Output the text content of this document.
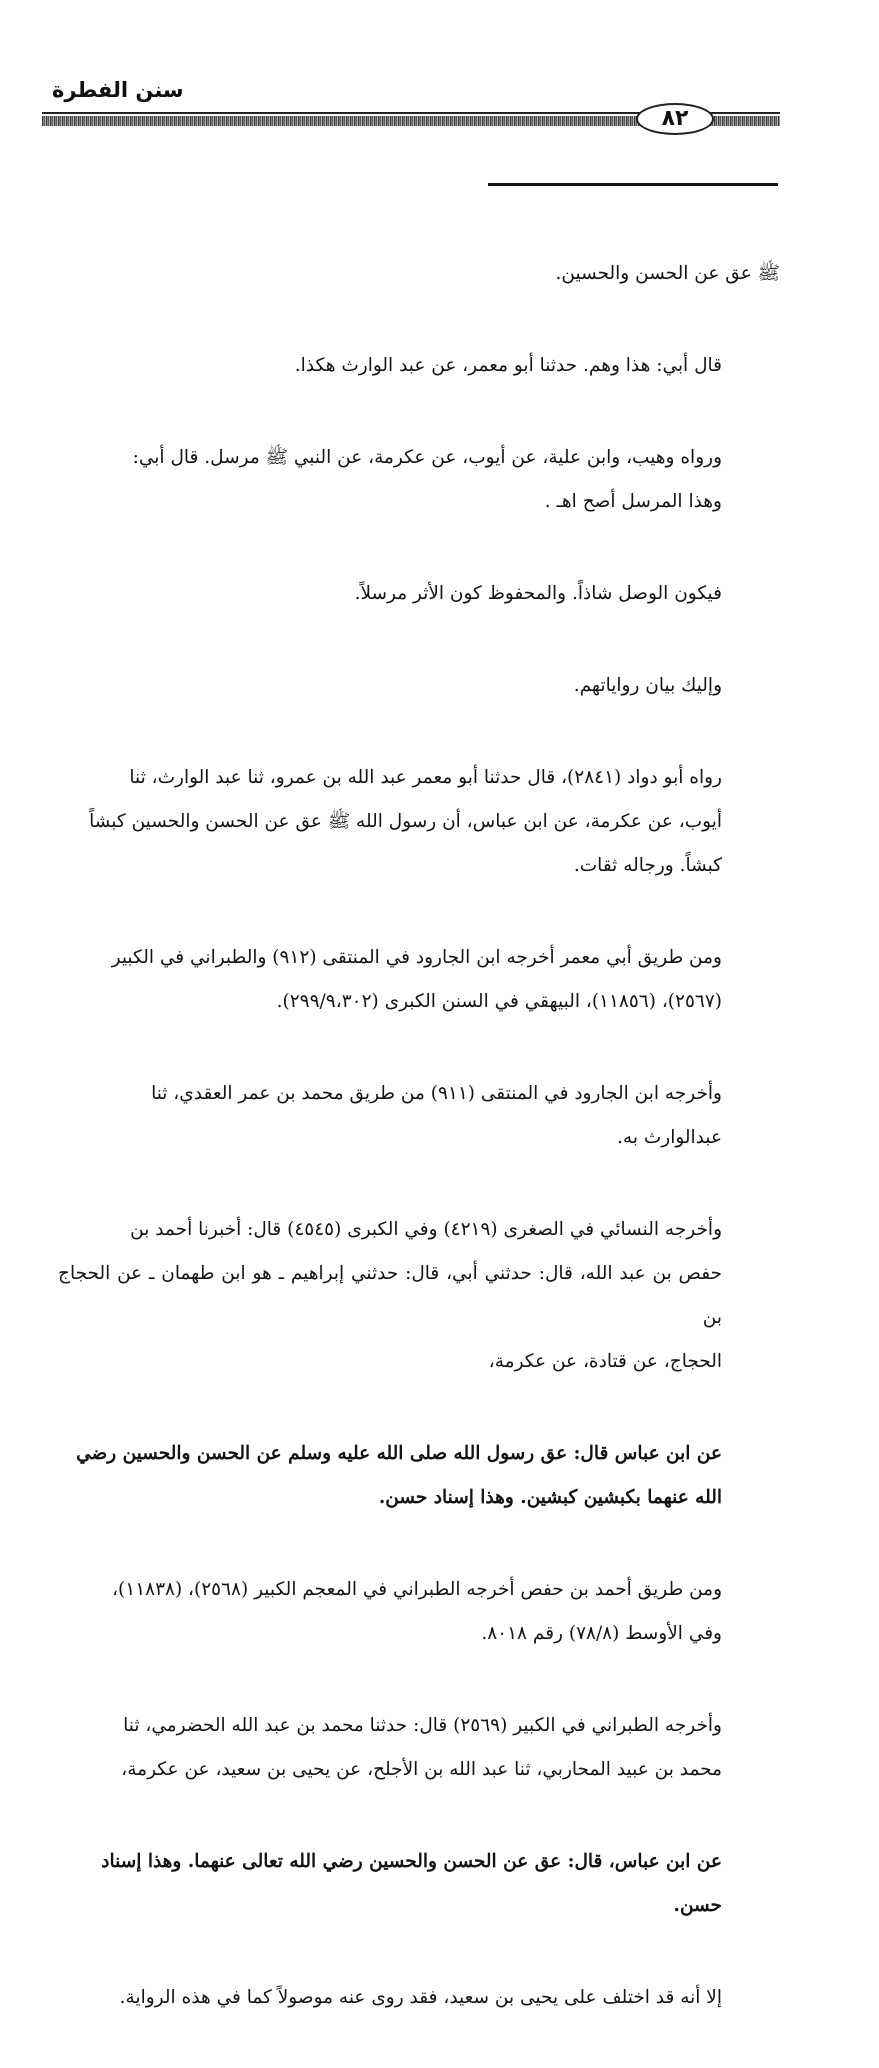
سنن الفطرة
٨٢

ﷺ عق عن الحسن والحسين.

قال أبي: هذا وهم. حدثنا أبو معمر، عن عبد الوارث هكذا.

ورواه وهيب، وابن علية، عن أيوب، عن عكرمة، عن النبي ﷺ مرسل. قال أبي:
وهذا المرسل أصح اهـ .

فيكون الوصل شاذاً. والمحفوظ كون الأثر مرسلاً.

وإليك بيان رواياتهم.

رواه أبو دواد (٢٨٤١)، قال حدثنا أبو معمر عبد الله بن عمرو، ثنا عبد الوارث، ثنا
أيوب، عن عكرمة، عن ابن عباس، أن رسول الله ﷺ عق عن الحسن والحسين كبشاً
كبشاً. ورجاله ثقات.

ومن طريق أبي معمر أخرجه ابن الجارود في المنتقى (٩١٢) والطبراني في الكبير
(٢٥٦٧)، (١١٨٥٦)، البيهقي في السنن الكبرى (٢٩٩/٩،٣٠٢).

وأخرجه ابن الجارود في المنتقى (٩١١) من طريق محمد بن عمر العقدي، ثنا
عبدالوارث به.

وأخرجه النسائي في الصغرى (٤٢١٩) وفي الكبرى (٤٥٤٥) قال: أخبرنا أحمد بن
حفص بن عبد الله، قال: حدثني أبي، قال: حدثني إبراهيم ـ هو ابن طهمان ـ عن الحجاج بن
الحجاج، عن قتادة، عن عكرمة،

عن ابن عباس قال: عق رسول الله صلى الله عليه وسلم عن الحسن والحسين رضي
الله عنهما بكبشين كبشين. وهذا إسناد حسن.

ومن طريق أحمد بن حفص أخرجه الطبراني في المعجم الكبير (٢٥٦٨)، (١١٨٣٨)،
وفي الأوسط (٧٨/٨) رقم ٨٠١٨.

وأخرجه الطبراني في الكبير (٢٥٦٩) قال: حدثنا محمد بن عبد الله الحضرمي، ثنا
محمد بن عبيد المحاربي، ثنا عبد الله بن الأجلح، عن يحيى بن سعيد، عن عكرمة،

عن ابن عباس، قال: عق عن الحسن والحسين رضي الله تعالى عنهما. وهذا إسناد
حسن.

إلا أنه قد اختلف على يحيى بن سعيد، فقد روى عنه موصولاً كما في هذه الرواية.
